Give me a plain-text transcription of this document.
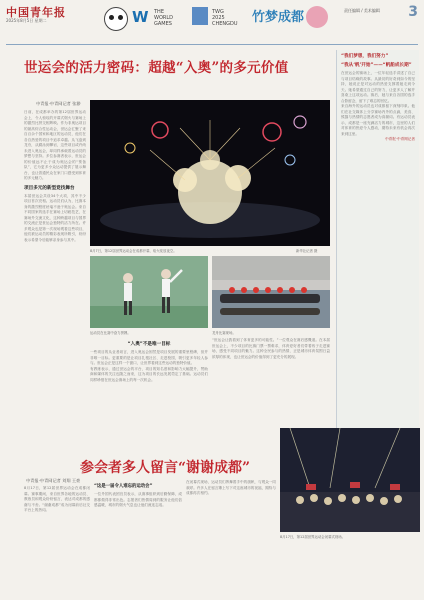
中国青年报
2025年8月5日 星期二	W	THE
WORLD
GAMES
TWG
2025
CHENGDU 竹梦成都	责任编辑 / 美术编辑	3
世运会的活力密码：超越“入奥”的多元价值
中青报·中青网记者 张渺
日前，在成都举办的第12届世界运动会上，令人惊叹的开幕式烟火与赛场上的激烈比拼交相辉映。作为非奥运项目的最高综合性运动会，世运会汇聚了来自百余个国家和地区的运动员，他们在各自热爱的项目中追求卓越。从飞盘到龙舟，从蹼泳到攀岩，这些项目或许尚未进入奥运会，却同样承载着运动员的梦想与坚持。多位参赛者表示，世运会的价值远不止于成为奥运会的“预备队”，它为更多小众运动提供了展示舞台，也让普通民众在家门口感受到体育的多元魅力。
项目多元的新型竞技舞台
本届世运会共设34个大项，其中不少项目首次亮相。运动员们认为，比赛本身的激烈程度丝毫不逊于奥运会。来自不同国家的选手在赛场上切磋技艺，在赛场外交流文化，这种跨越项目与国界的交流正是世运会独特的活力所在。许多观众也是第一次现场观看这些项目，他们被运动员的精彩表现所吸引，纷纷表示希望今后能够亲身参与其中。
8月7日，第12届世界运动会在成都开幕，焰火绽放夜空。	新华社记者 摄
运动员在比赛中奋力拼搏。	龙舟比赛现场。
“入奥”不是唯一目标
一些项目的从业者坦言，进入奥运会固然是项目发展的重要里程碑，但并非唯一目标。更重要的是让项目扎根社区、走进校园，吸引更多年轻人参与。世运会正是这样一个窗口，让世界看到这些运动的独特价值。
有教练表示，通过世运会的平台，项目的知名度和影响力大幅提升，赞助商和媒体的关注也随之而来，这为项目的长远发展奠定了基础。运动员们同样珍惜在世运会赛场上的每一次机会。
“世运会让我看到了体育更多的可能性。”一位观众在赛后感慨道。在本届世运会上，不少项目的比赛门票一票难求，体育爱好者们带着孩子走进赛场，感受不同项目的魅力。这种全民参与的热情，正是城市体育氛围日益浓厚的体现，也让世运会的价值得到了更充分的展现。
“我们梦想，我们努力”
“我从‘帆’开始”——“帆船成长期”
在世运会的赛场上，一位年轻选手讲述了自己与项目结缘的故事。从最初的好奇到如今的坚持，她说正是对运动的热爱支撑着她走到今天。她希望通过自己的努力，让更多人了解并喜欢上这项运动。赛后，她与来自各国的选手合影留念，留下了难忘的回忆。
来自海外的运动员也对成都留下深刻印象。他们在社交媒体上分享赛场内外的点滴，美食、熊猫与热情的志愿者成为高频词。有运动员表示，成都是一座充满活力的城市，这里的人们对体育的热爱令人感动，期待未来有机会再次来到这里。
中青报·中青网记者
参会者多人留言“谢谢成都”
中青报·中青网记者 刘翔 王豪
8月17日，第12届世界运动会在成都闭幕。赛事期间，来自世界各地的运动员、教练员和观众纷纷留言，表达对成都的感谢与不舍。“谢谢成都”成为闭幕前后社交平台上的热词。
“这是一届令人难忘的运动会”
一位外国代表团官员表示，从赛事组织到后勤保障，成都都做得非常出色。志愿者们热情周到的服务让他们倍感温暖，城市的烟火气息也让他们流连忘返。
在闭幕式现场，运动员们挥舞着手中的旗帜，与观众一同欢呼。许多人在留言簿上写下对这座城市的祝福，期待与成都再次相约。
8月17日，第12届世界运动会闭幕式现场。
